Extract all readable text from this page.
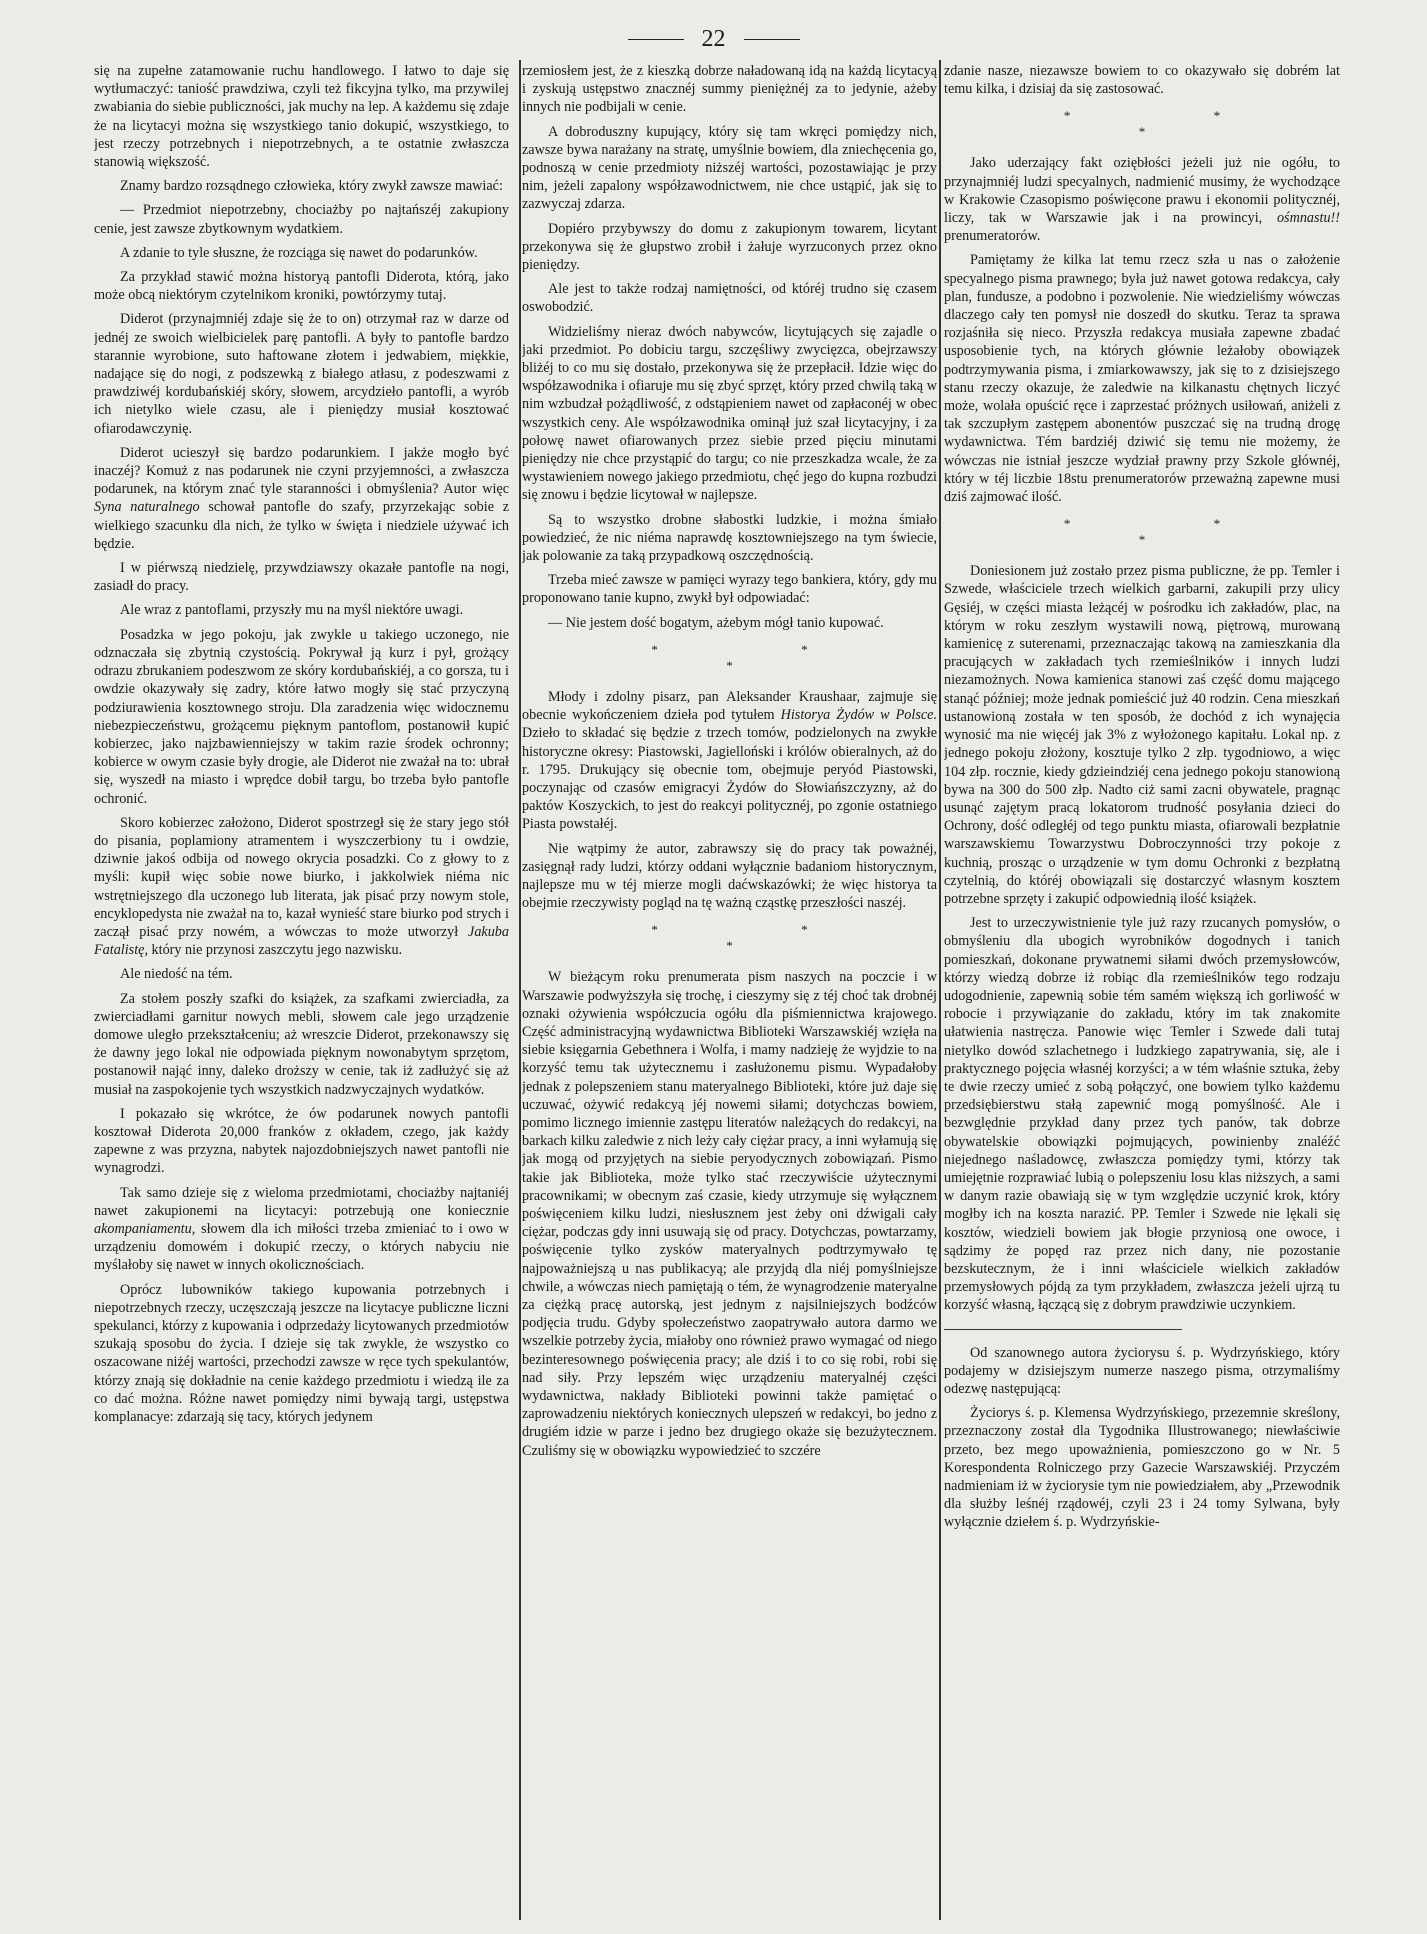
22

się na zupełne zatamowanie ruchu handlowego. I łatwo to daje się wytłumaczyć: taniość prawdziwa, czyli też fikcyjna tylko, ma przywilej zwabiania do siebie publiczności, jak muchy na lep. A każdemu się zdaje że na licytacyi można się wszystkiego tanio dokupić, wszystkiego, to jest rzeczy potrzebnych i niepotrzebnych, a te ostatnie zwłaszcza stanowią większość.

Znamy bardzo rozsądnego człowieka, który zwykł zawsze mawiać:

— Przedmiot niepotrzebny, chociażby po najtańszéj zakupiony cenie, jest zawsze zbytkownym wydatkiem.

A zdanie to tyle słuszne, że rozciąga się nawet do podarunków.

Za przykład stawić można historyą pantofli Diderota, którą, jako może obcą niektórym czytelnikom kroniki, powtórzymy tutaj.

Diderot (przynajmniéj zdaje się że to on) otrzymał raz w darze od jednéj ze swoich wielbicielek parę pantofli. A były to pantofle bardzo starannie wyrobione, suto haftowane złotem i jedwabiem, miękkie, nadające się do nogi, z podszewką z białego atłasu, z podeszwami z prawdziwéj kordubańskiéj skóry, słowem, arcydzieło pantofli, a wyrób ich nietylko wiele czasu, ale i pieniędzy musiał kosztować ofiarodawczynię.

Diderot ucieszył się bardzo podarunkiem. I jakże mogło być inaczéj? Komuż z nas podarunek nie czyni przyjemności, a zwłaszcza podarunek, na którym znać tyle staranności i obmyślenia? Autor więc Syna naturalnego schował pantofle do szafy, przyrzekając sobie z wielkiego szacunku dla nich, że tylko w święta i niedziele używać ich będzie.

I w piérwszą niedzielę, przywdziawszy okazałe pantofle na nogi, zasiadł do pracy.

Ale wraz z pantoflami, przyszły mu na myśl niektóre uwagi.

Posadzka w jego pokoju, jak zwykle u takiego uczonego, nie odznaczała się zbytnią czystością. Pokrywał ją kurz i pył, grożący odrazu zbrukaniem podeszwom ze skóry kordubańskiéj, a co gorsza, tu i owdzie okazywały się zadry, które łatwo mogły się stać przyczyną podziurawienia kosztownego stroju. Dla zaradzenia więc widocznemu niebezpieczeństwu, grożącemu pięknym pantoflom, postanowił kupić kobierzec, jako najzbawienniejszy w takim razie środek ochronny; kobierce w owym czasie były drogie, ale Diderot nie zważał na to: ubrał się, wyszedł na miasto i wprędce dobił targu, bo trzeba było pantofle ochronić.

Skoro kobierzec założono, Diderot spostrzegł się że stary jego stół do pisania, poplamiony atramentem i wyszczerbiony tu i owdzie, dziwnie jakoś odbija od nowego okrycia posadzki. Co z głowy to z myśli: kupił więc sobie nowe biurko, i jakkolwiek niéma nic wstrętniejszego dla uczonego lub literata, jak pisać przy nowym stole, encyklopedysta nie zważał na to, kazał wynieść stare biurko pod strych i zaczął pisać przy nowém, a wówczas to może utworzył Jakuba Fatalistę, który nie przynosi zaszczytu jego nazwisku.

Ale niedość na tém.

Za stołem poszły szafki do książek, za szafkami zwierciadła, za zwierciadłami garnitur nowych mebli, słowem cale jego urządzenie domowe uległo przekształceniu; aż wreszcie Diderot, przekonawszy się że dawny jego lokal nie odpowiada pięknym nowonabytym sprzętom, postanowił nająć inny, daleko droższy w cenie, tak iż zadłużyć się aż musiał na zaspokojenie tych wszystkich nadzwyczajnych wydatków.

I pokazało się wkrótce, że ów podarunek nowych pantofli kosztował Diderota 20,000 franków z okładem, czego, jak każdy zapewne z was przyzna, nabytek najozdobniejszych nawet pantofli nie wynagrodzi.

Tak samo dzieje się z wieloma przedmiotami, chociażby najtaniéj nawet zakupionemi na licytacyi: potrzebują one koniecznie akompaniamentu, słowem dla ich miłości trzeba zmieniać to i owo w urządzeniu domowém i dokupić rzeczy, o których nabyciu nie myślałoby się nawet w innych okolicznościach.

Oprócz lubowników takiego kupowania potrzebnych i niepotrzebnych rzeczy, uczęszczają jeszcze na licytacye publiczne liczni spekulanci, którzy z kupowania i odprzedaży licytowanych przedmiotów szukają sposobu do życia. I dzieje się tak zwykle, że wszystko co oszacowane niżéj wartości, przechodzi zawsze w ręce tych spekulantów, którzy znają się dokładnie na cenie każdego przedmiotu i wiedzą ile za co dać można. Różne nawet pomiędzy nimi bywają targi, ustępstwa komplanacye: zdarzają się tacy, których jedynem

rzemiosłem jest, że z kieszką dobrze naładowaną idą na każdą licytacyą i zyskują ustępstwo znacznéj summy pieniężnéj za to jedynie, ażeby innych nie podbijali w cenie.

A dobroduszny kupujący, który się tam wkręci pomiędzy nich, zawsze bywa narażany na stratę, umyślnie bowiem, dla zniechęcenia go, podnoszą w cenie przedmioty niższéj wartości, pozostawiając je przy nim, jeżeli zapalony współzawodnictwem, nie chce ustąpić, jak się to zazwyczaj zdarza.

Dopiéro przybywszy do domu z zakupionym towarem, licytant przekonywa się że głupstwo zrobił i żałuje wyrzuconych przez okno pieniędzy.

Ale jest to także rodzaj namiętności, od któréj trudno się czasem oswobodzić.

Widzieliśmy nieraz dwóch nabywców, licytujących się zajadle o jaki przedmiot. Po dobiciu targu, szczęśliwy zwycięzca, obejrzawszy bliżéj to co mu się dostało, przekonywa się że przepłacił. Idzie więc do współzawodnika i ofiaruje mu się zbyć sprzęt, który przed chwilą taką w nim wzbudzał pożądliwość, z odstąpieniem nawet od zapłaconéj w obec wszystkich ceny. Ale współzawodnika ominął już szał licytacyjny, i za połowę nawet ofiarowanych przez siebie przed pięciu minutami pieniędzy nie chce przystąpić do targu; co nie przeszkadza wcale, że za wystawieniem nowego jakiego przedmiotu, chęć jego do kupna rozbudzi się znowu i będzie licytował w najlepsze.

Są to wszystko drobne słabostki ludzkie, i można śmiało powiedzieć, że nic niéma naprawdę kosztowniejszego na tym świecie, jak polowanie za taką przypadkową oszczędnością.

Trzeba mieć zawsze w pamięci wyrazy tego bankiera, który, gdy mu proponowano tanie kupno, zwykł był odpowiadać:

— Nie jestem dość bogatym, ażebym mógł tanio kupować.

* * *

Młody i zdolny pisarz, pan Aleksander Kraushaar, zajmuje się obecnie wykończeniem dzieła pod tytułem Historya Żydów w Polsce. Dzieło to składać się będzie z trzech tomów, podzielonych na zwykłe historyczne okresy: Piastowski, Jagielloński i królów obieralnych, aż do r. 1795. Drukujący się obecnie tom, obejmuje peryód Piastowski, poczynając od czasów emigracyi Żydów do Słowiańszczyzny, aż do paktów Koszyckich, to jest do reakcyi politycznéj, po zgonie ostatniego Piasta powstałéj.

Nie wątpimy że autor, zabrawszy się do pracy tak poważnéj, zasięgnął rady ludzi, którzy oddani wyłącznie badaniom historycznym, najlepsze mu w téj mierze mogli daćwskazówki; że więc historya ta obejmie rzeczywisty pogląd na tę ważną cząstkę przeszłości naszéj.

* * *

W bieżącym roku prenumerata pism naszych na poczcie i w Warszawie podwyższyła się trochę, i cieszymy się z téj choć tak drobnéj oznaki ożywienia współczucia ogółu dla piśmiennictwa krajowego. Część administracyjną wydawnictwa Biblioteki Warszawskiéj wzięła na siebie księgarnia Gebethnera i Wolfa, i mamy nadzieję że wyjdzie to na korzyść temu tak użytecznemu i zasłużonemu pismu. Wypadałoby jednak z polepszeniem stanu materyalnego Biblioteki, które już daje się uczuwać, ożywić redakcyą jéj nowemi siłami; dotychczas bowiem, pomimo licznego imiennie zastępu literatów należących do redakcyi, na barkach kilku zaledwie z nich leży cały ciężar pracy, a inni wyłamują się jak mogą od przyjętych na siebie peryodycznych zobowiązań. Pismo takie jak Biblioteka, może tylko stać rzeczywiście użytecznymi pracownikami; w obecnym zaś czasie, kiedy utrzymuje się wyłącznem poświęceniem kilku ludzi, niesłusznem jest żeby oni dźwigali cały ciężar, podczas gdy inni usuwają się od pracy. Dotychczas, powtarzamy, poświęcenie tylko zysków materyalnych podtrzymywało tę najpoważniejszą u nas publikacyą; ale przyjdą dla niéj pomyślniejsze chwile, a wówczas niech pamiętają o tém, że wynagrodzenie materyalne za ciężką pracę autorską, jest jednym z najsilniejszych bodźców podjęcia trudu. Gdyby społeczeństwo zaopatrywało autora darmo we wszelkie potrzeby życia, miałoby ono również prawo wymagać od niego bezinteresownego poświęcenia pracy; ale dziś i to co się robi, robi się nad siły. Przy lepszém więc urządzeniu materyalnéj części wydawnictwa, nakłady Biblioteki powinni także pamiętać o zaprowadzeniu niektórych koniecznych ulepszeń w redakcyi, bo jedno z drugiém idzie w parze i jedno bez drugiego okaże się bezużytecznem. Czuliśmy się w obowiązku wypowiedzieć to szczére

zdanie nasze, niezawsze bowiem to co okazywało się dobrém lat temu kilka, i dzisiaj da się zastosować.

* * *

Jako uderzający fakt oziębłości jeżeli już nie ogółu, to przynajmniéj ludzi specyalnych, nadmienić musimy, że wychodzące w Krakowie Czasopismo poświęcone prawu i ekonomii politycznéj, liczy, tak w Warszawie jak i na prowincyi, ośmnastu!! prenumeratorów.

Pamiętamy że kilka lat temu rzecz szła u nas o założenie specyalnego pisma prawnego; była już nawet gotowa redakcya, cały plan, fundusze, a podobno i pozwolenie. Nie wiedzieliśmy wówczas dlaczego cały ten pomysł nie doszedł do skutku. Teraz ta sprawa rozjaśniła się nieco. Przyszła redakcya musiała zapewne zbadać usposobienie tych, na których głównie leżałoby obowiązek podtrzymywania pisma, i zmiarkowawszy, jak się to z dzisiejszego stanu rzeczy okazuje, że zaledwie na kilkanastu chętnych liczyć może, wolała opuścić ręce i zaprzestać próżnych usiłowań, aniżeli z tak szczupłym zastępem abonentów puszczać się na trudną drogę wydawnictwa. Tém bardziéj dziwić się temu nie możemy, że wówczas nie istniał jeszcze wydział prawny przy Szkole głównéj, który w téj liczbie 18stu prenumeratorów przeważną zapewne musi dziś zajmować ilość.

* * *

Doniesionem już zostało przez pisma publiczne, że pp. Temler i Szwede, właściciele trzech wielkich garbarni, zakupili przy ulicy Gęsiéj, w części miasta leżącéj w pośrodku ich zakładów, plac, na którym w roku zeszłym wystawili nową, piętrową, murowaną kamienicę z suterenami, przeznaczając takową na zamieszkania dla pracujących w zakładach tych rzemieślników i innych ludzi niezamożnych. Nowa kamienica stanowi zaś część domu mającego stanąć później; może jednak pomieścić już 40 rodzin. Cena mieszkań ustanowioną została w ten sposób, że dochód z ich wynajęcia wynosić ma nie więcéj jak 3% z wyłożonego kapitału. Lokal np. z jednego pokoju złożony, kosztuje tylko 2 złp. tygodniowo, a więc 104 złp. rocznie, kiedy gdzieindziéj cena jednego pokoju stanowioną bywa na 300 do 500 złp. Nadto ciż sami zacni obywatele, pragnąc usunąć zajętym pracą lokatorom trudność posyłania dzieci do Ochrony, dość odległéj od tego punktu miasta, ofiarowali bezpłatnie warszawskiemu Towarzystwu Dobroczynności trzy pokoje z kuchnią, prosząc o urządzenie w tym domu Ochronki z bezpłatną czytelnią, do któréj obowiązali się dostarczyć własnym kosztem potrzebne sprzęty i zakupić odpowiednią ilość książek.

Jest to urzeczywistnienie tyle już razy rzucanych pomysłów, o obmyśleniu dla ubogich wyrobników dogodnych i tanich pomieszkań, dokonane prywatnemi siłami dwóch przemysłowców, którzy wiedzą dobrze iż robiąc dla rzemieślników tego rodzaju udogodnienie, zapewnią sobie tém samém większą ich gorliwość w robocie i przywiązanie do zakładu, który im tak znakomite ułatwienia nastręcza. Panowie więc Temler i Szwede dali tutaj nietylko dowód szlachetnego i ludzkiego zapatrywania, się, ale i praktycznego pojęcia własnéj korzyści; a w tém właśnie sztuka, żeby te dwie rzeczy umieć z sobą połączyć, one bowiem tylko każdemu przedsiębierstwu stałą zapewnić mogą pomyślność. Ale i bezwględnie przykład dany przez tych panów, tak dobrze obywatelskie obowiązki pojmujących, powinienby znaléźć niejednego naśladowcę, zwłaszcza pomiędzy tymi, którzy tak umiejętnie rozprawiać lubią o polepszeniu losu klas niższych, a sami w danym razie obawiają się w tym względzie uczynić krok, który mogłby ich na koszta narazić. PP. Temler i Szwede nie lękali się kosztów, wiedzieli bowiem jak błogie przyniosą one owoce, i sądzimy że popęd raz przez nich dany, nie pozostanie bezskutecznym, że i inni właściciele wielkich zakładów przemysłowych pójdą za tym przykładem, zwłaszcza jeżeli ujrzą tu korzyść własną, łączącą się z dobrym prawdziwie uczynkiem.

Od szanownego autora życiorysu ś. p. Wydrzyńskiego, który podajemy w dzisiejszym numerze naszego pisma, otrzymaliśmy odezwę następującą:

Życiorys ś. p. Klemensa Wydrzyńskiego, przezemnie skreślony, przeznaczony został dla Tygodnika Illustrowanego; niewłaściwie przeto, bez mego upoważnienia, pomieszczono go w Nr. 5 Korespondenta Rolniczego przy Gazecie Warszawskiéj. Przyczém nadmieniam iż w życiorysie tym nie powiedziałem, aby „Przewodnik dla służby leśnéj rządowéj, czyli 23 i 24 tomy Sylwana, były wyłącznie dziełem ś. p. Wydrzyńskie-
